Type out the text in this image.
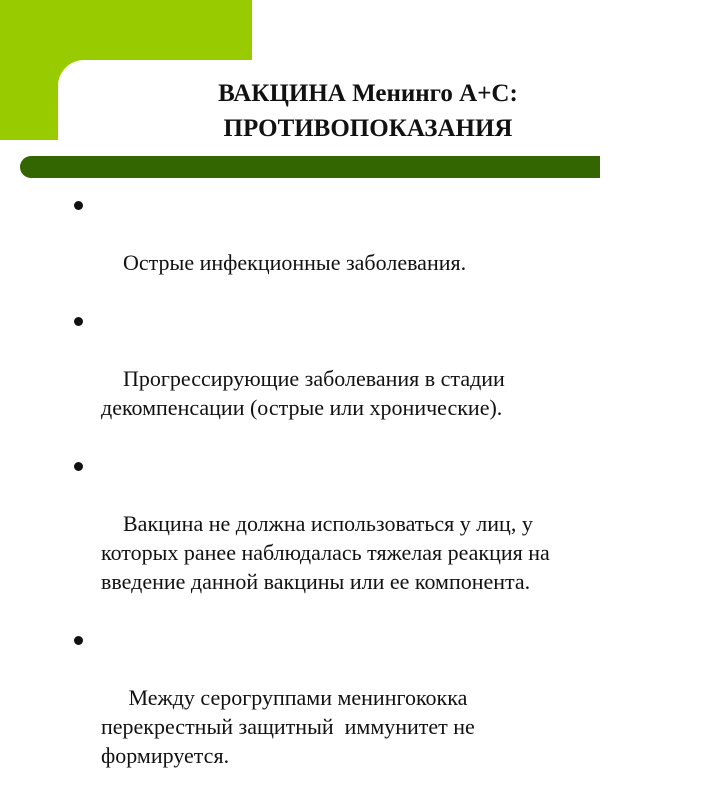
ВАКЦИНА Менинго А+С:
ПРОТИВОПОКАЗАНИЯ

Острые инфекционные заболевания.

Прогрессирующие заболевания в стадии
декомпенсации (острые или хронические).

Вакцина не должна использоваться у лиц, у
которых ранее наблюдалась тяжелая реакция на
введение данной вакцины или ее компонента.

Между серогруппами менингококка
перекрестный защитный  иммунитет не
формируется.
